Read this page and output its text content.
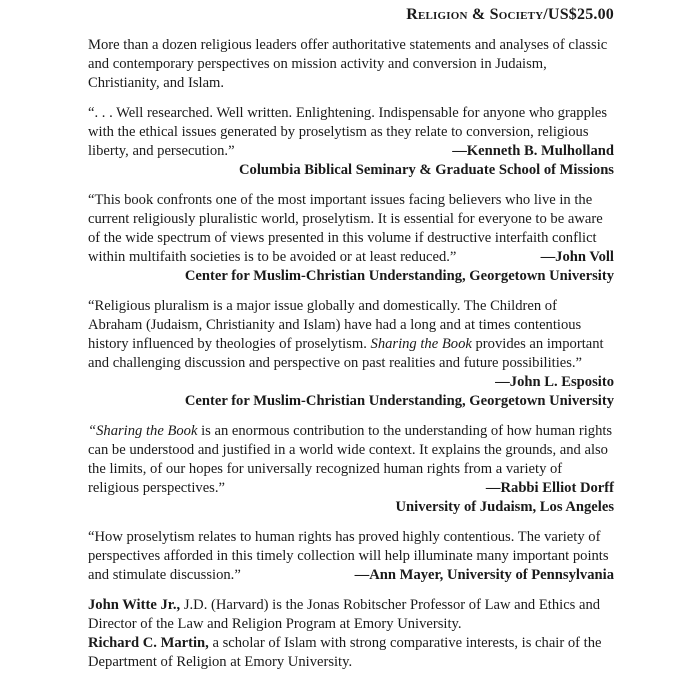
Religion & Society/US$25.00

More than a dozen religious leaders offer authoritative statements and analyses of classic and contemporary perspectives on mission activity and conversion in Judaism, Christianity, and Islam.

“. . . Well researched. Well written. Enlightening. Indispensable for anyone who grapples with the ethical issues generated by proselytism as they relate to conversion, religious liberty, and persecution.”	—Kenneth B. Mulholland

Columbia Biblical Seminary & Graduate School of Missions

“This book confronts one of the most important issues facing believers who live in the current religiously pluralistic world, proselytism. It is essential for everyone to be aware of the wide spectrum of views presented in this volume if destructive interfaith conflict within multifaith societies is to be avoided or at least reduced.”	—John Voll

Center for Muslim-Christian Understanding, Georgetown University

“Religious pluralism is a major issue globally and domestically. The Children of Abraham (Judaism, Christianity and Islam) have had a long and at times contentious history influenced by theologies of proselytism. Sharing the Book provides an important and challenging discussion and perspective on past realities and future possibilities.”
—John L. Esposito

Center for Muslim-Christian Understanding, Georgetown University

“Sharing the Book is an enormous contribution to the understanding of how human rights can be understood and justified in a world wide context. It explains the grounds, and also the limits, of our hopes for universally recognized human rights from a variety of religious perspectives.”	—Rabbi Elliot Dorff

University of Judaism, Los Angeles

“How proselytism relates to human rights has proved highly contentious. The variety of perspectives afforded in this timely collection will help illuminate many important points and stimulate discussion.”	—Ann Mayer, University of Pennsylvania

John Witte Jr., J.D. (Harvard) is the Jonas Robitscher Professor of Law and Ethics and Director of the Law and Religion Program at Emory University.

Richard C. Martin, a scholar of Islam with strong comparative interests, is chair of the Department of Religion at Emory University.
